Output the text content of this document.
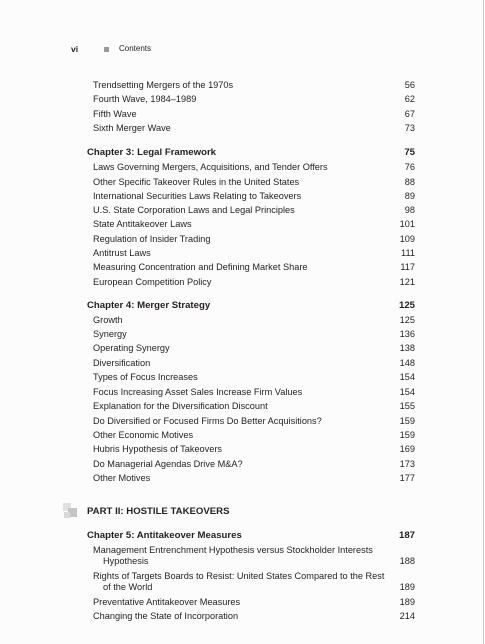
vi	Contents
Trendsetting Mergers of the 1970s	56
Fourth Wave, 1984–1989	62
Fifth Wave	67
Sixth Merger Wave	73
Chapter 3: Legal Framework	75
Laws Governing Mergers, Acquisitions, and Tender Offers	76
Other Specific Takeover Rules in the United States	88
International Securities Laws Relating to Takeovers	89
U.S. State Corporation Laws and Legal Principles	98
State Antitakeover Laws	101
Regulation of Insider Trading	109
Antitrust Laws	111
Measuring Concentration and Defining Market Share	117
European Competition Policy	121
Chapter 4: Merger Strategy	125
Growth	125
Synergy	136
Operating Synergy	138
Diversification	148
Types of Focus Increases	154
Focus Increasing Asset Sales Increase Firm Values	154
Explanation for the Diversification Discount	155
Do Diversified or Focused Firms Do Better Acquisitions?	159
Other Economic Motives	159
Hubris Hypothesis of Takeovers	169
Do Managerial Agendas Drive M&A?	173
Other Motives	177
PART II: HOSTILE TAKEOVERS
Chapter 5: Antitakeover Measures	187
Management Entrenchment Hypothesis versus Stockholder Interests Hypothesis	188
Rights of Targets Boards to Resist: United States Compared to the Rest of the World	189
Preventative Antitakeover Measures	189
Changing the State of Incorporation	214
